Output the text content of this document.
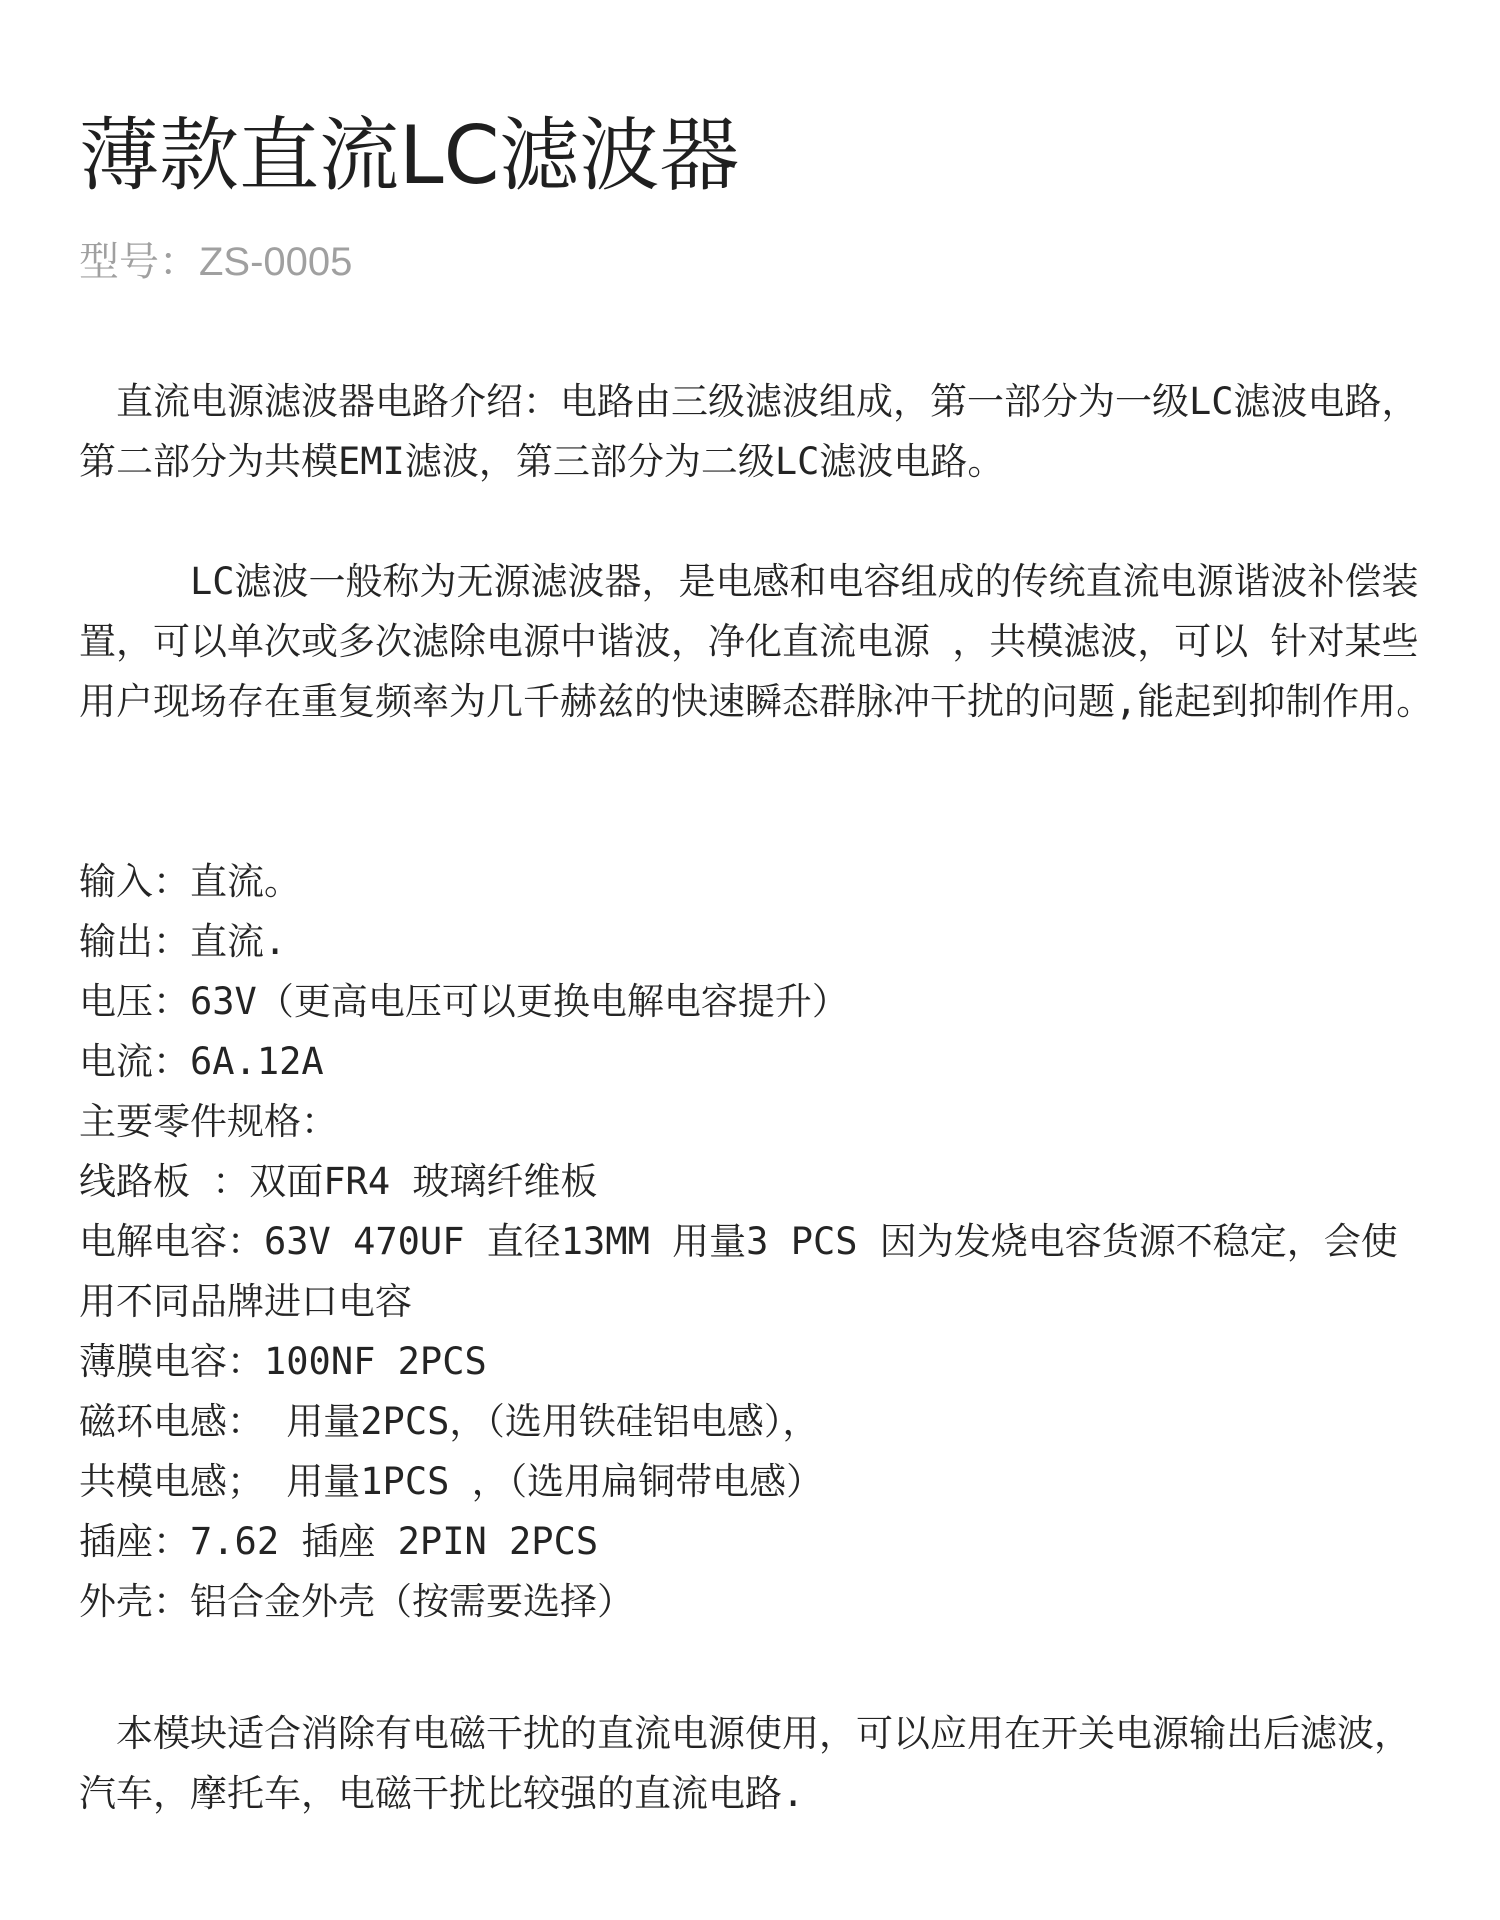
薄款直流LC滤波器
型号：ZS-0005

　直流电源滤波器电路介绍：电路由三级滤波组成，第一部分为一级LC滤波电路，第二部分为共模EMI滤波，第三部分为二级LC滤波电路。

　　　LC滤波一般称为无源滤波器，是电感和电容组成的传统直流电源谐波补偿装置，可以单次或多次滤除电源中谐波，净化直流电源 ，共模滤波，可以 针对某些用户现场存在重复频率为几千赫兹的快速瞬态群脉冲干扰的问题,能起到抑制作用。

输入：直流。
输出：直流.
电压：63V（更高电压可以更换电解电容提升）
电流：6A.12A
主要零件规格：
线路板 ：双面FR4 玻璃纤维板
电解电容：63V 470UF 直径13MM 用量3 PCS 因为发烧电容货源不稳定，会使用不同品牌进口电容
薄膜电容：100NF 2PCS
磁环电感： 用量2PCS，（选用铁硅铝电感），
共模电感； 用量1PCS ，（选用扁铜带电感）
插座：7.62 插座 2PIN 2PCS
外壳：铝合金外壳（按需要选择）

　本模块适合消除有电磁干扰的直流电源使用，可以应用在开关电源输出后滤波，汽车，摩托车，电磁干扰比较强的直流电路.
